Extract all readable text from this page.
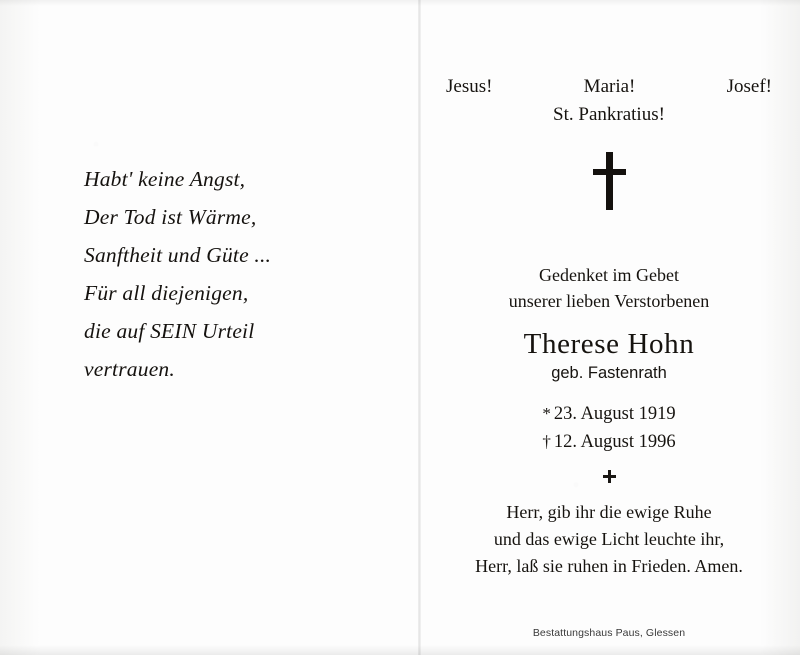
Habt' keine Angst,
Der Tod ist Wärme,
Sanftheit und Güte ...
Für all diejenigen,
die auf SEIN Urteil
vertrauen.
Jesus!	Maria!	Josef!
St. Pankratius!
Gedenket im Gebet
unserer lieben Verstorbenen
Therese Hohn
geb. Fastenrath
* 23. August 1919
† 12. August 1996
Herr, gib ihr die ewige Ruhe
und das ewige Licht leuchte ihr,
Herr, laß sie ruhen in Frieden. Amen.
Bestattungshaus Paus, Glessen
